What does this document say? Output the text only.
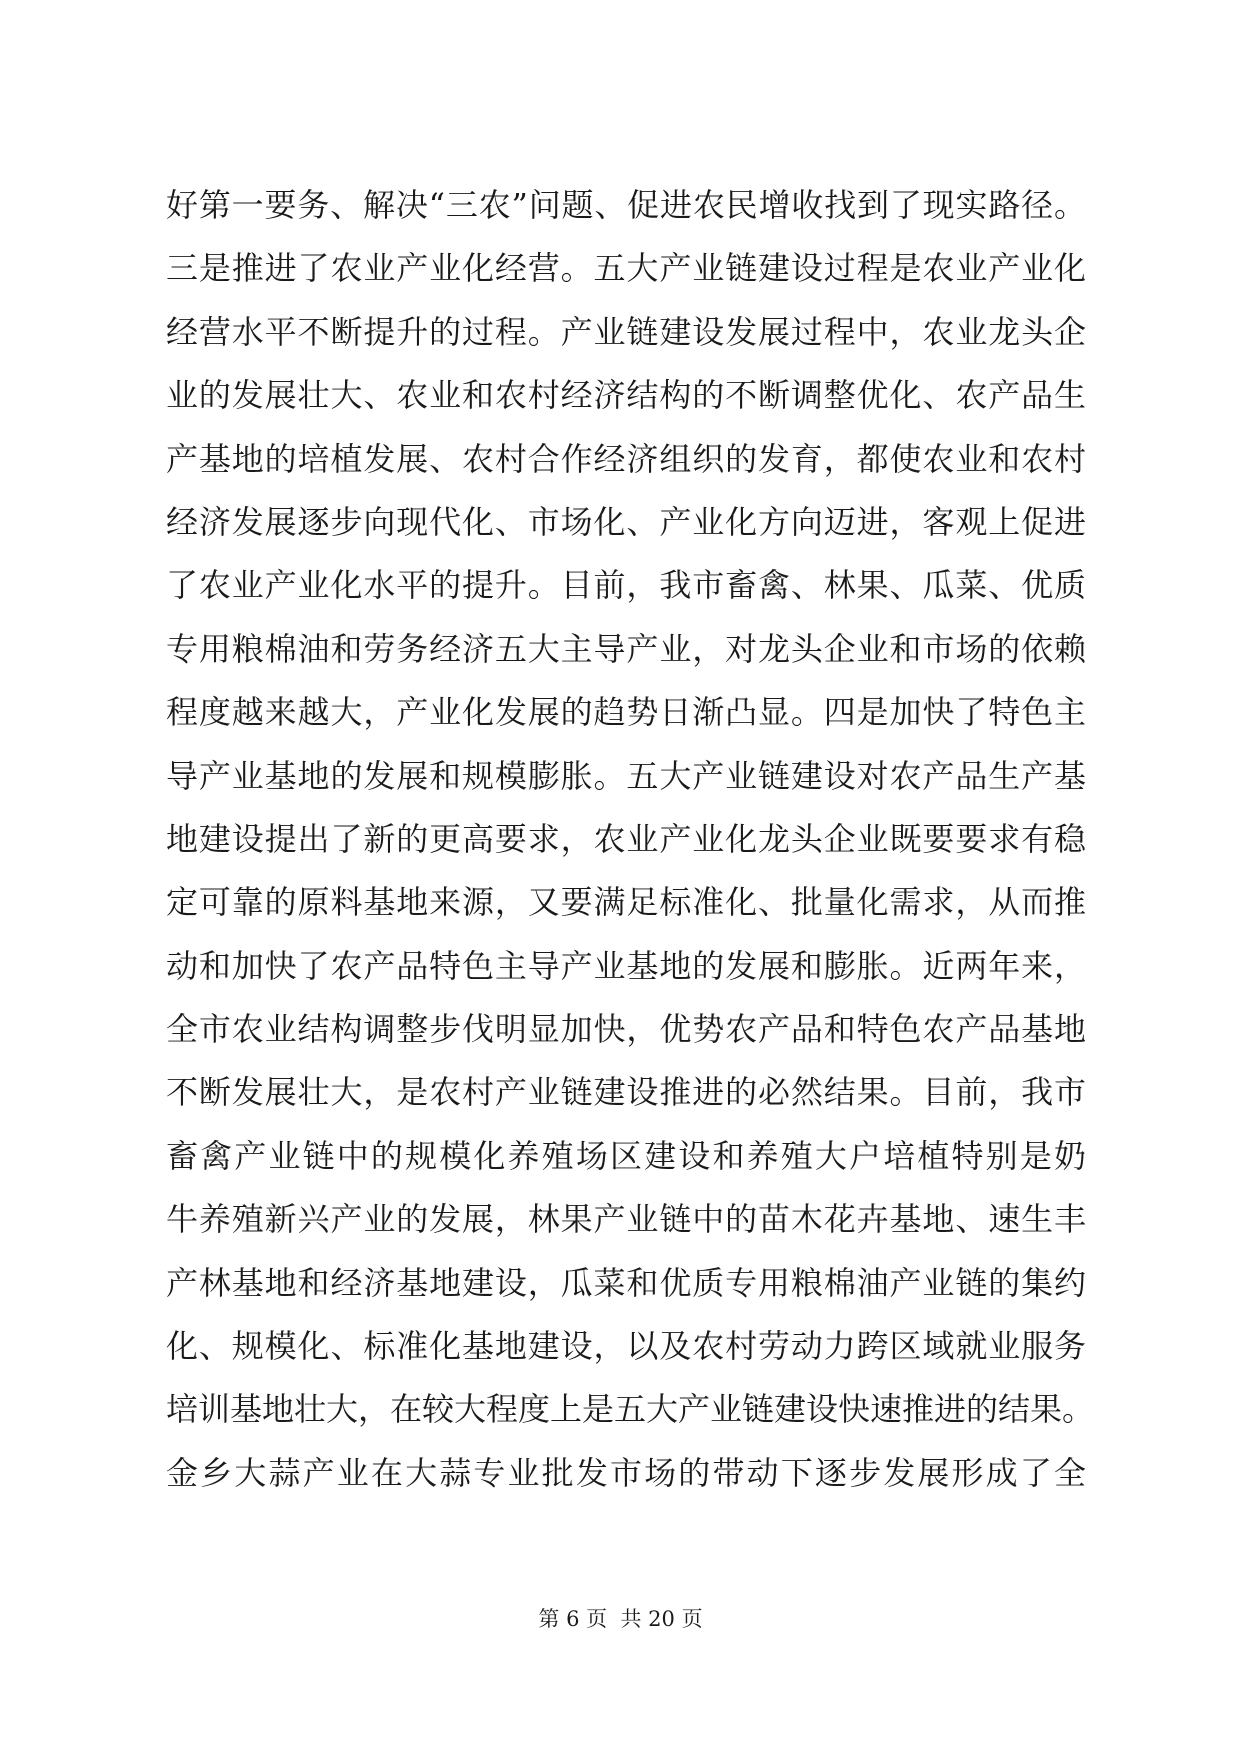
好第一要务、解决“三农”问题、促进农民增收找到了现实路径。
三是推进了农业产业化经营。五大产业链建设过程是农业产业化
经营水平不断提升的过程。产业链建设发展过程中，农业龙头企
业的发展壮大、农业和农村经济结构的不断调整优化、农产品生
产基地的培植发展、农村合作经济组织的发育，都使农业和农村
经济发展逐步向现代化、市场化、产业化方向迈进，客观上促进
了农业产业化水平的提升。目前，我市畜禽、林果、瓜菜、优质
专用粮棉油和劳务经济五大主导产业，对龙头企业和市场的依赖
程度越来越大，产业化发展的趋势日渐凸显。四是加快了特色主
导产业基地的发展和规模膨胀。五大产业链建设对农产品生产基
地建设提出了新的更高要求，农业产业化龙头企业既要要求有稳
定可靠的原料基地来源，又要满足标准化、批量化需求，从而推
动和加快了农产品特色主导产业基地的发展和膨胀。近两年来，
全市农业结构调整步伐明显加快，优势农产品和特色农产品基地
不断发展壮大，是农村产业链建设推进的必然结果。目前，我市
畜禽产业链中的规模化养殖场区建设和养殖大户培植特别是奶
牛养殖新兴产业的发展，林果产业链中的苗木花卉基地、速生丰
产林基地和经济基地建设，瓜菜和优质专用粮棉油产业链的集约
化、规模化、标准化基地建设，以及农村劳动力跨区域就业服务
培训基地壮大，在较大程度上是五大产业链建设快速推进的结果。
金乡大蒜产业在大蒜专业批发市场的带动下逐步发展形成了全
第 6 页 共 20 页
